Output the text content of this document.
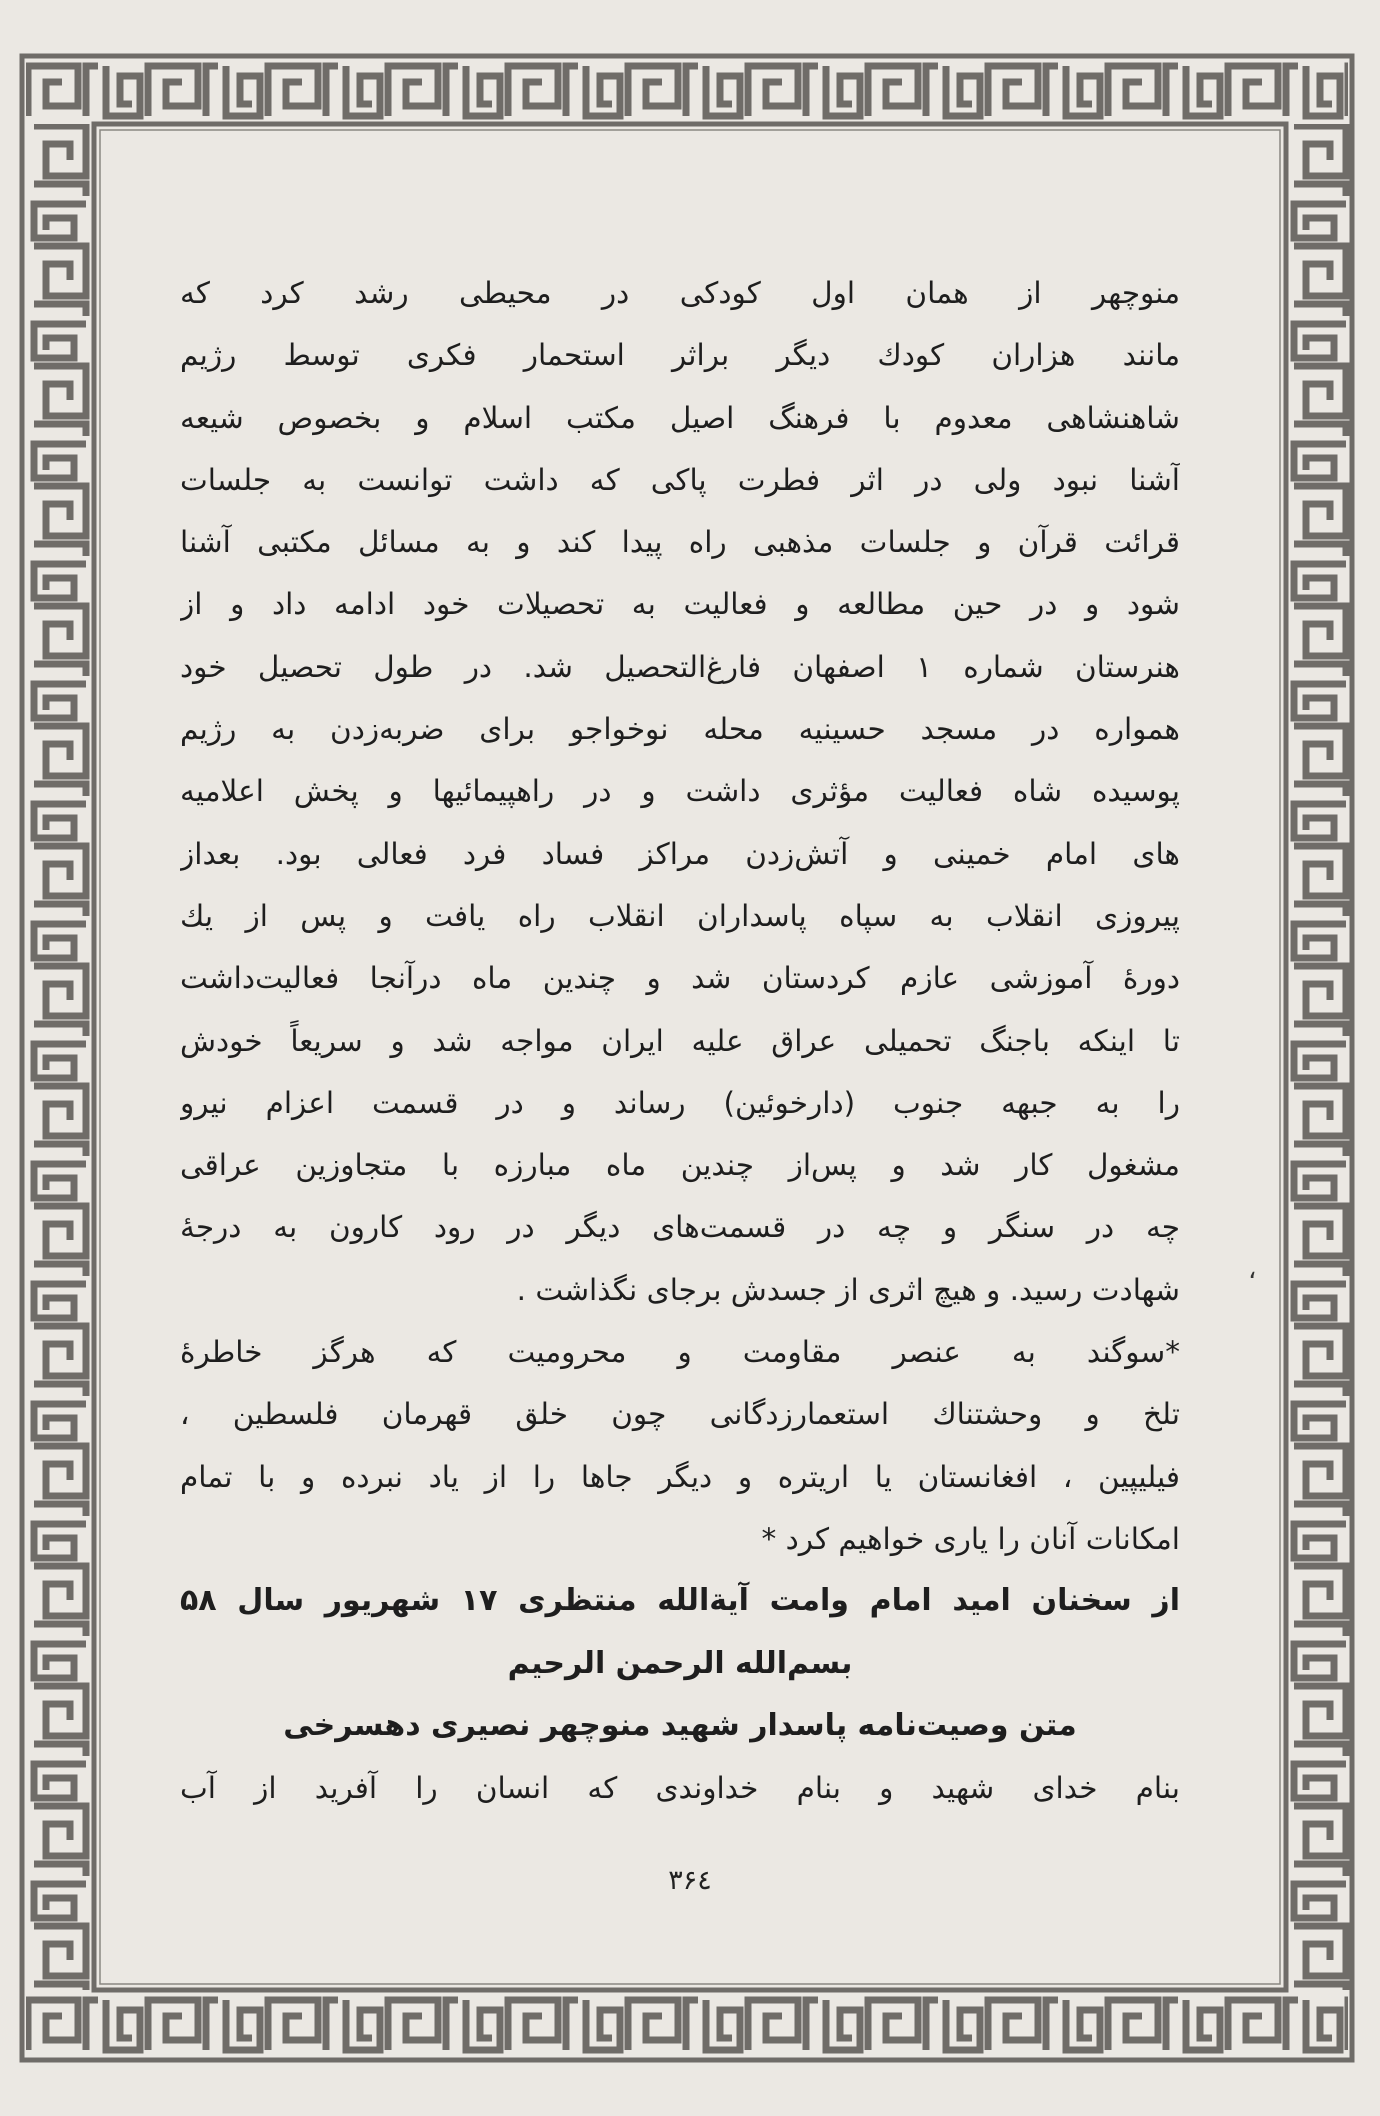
منوچهر از همان اول کودکی در محیطی رشد کرد که
مانند هزاران کودك دیگر براثر استحمار فکری توسط رژیم
شاهنشاهی معدوم با فرهنگ اصیل مکتب اسلام و بخصوص شیعه
آشنا نبود ولی در اثر فطرت پاکی که داشت توانست به جلسات
قرائت قرآن و جلسات مذهبی راه پیدا کند و به مسائل مکتبی آشنا
شود و در حین مطالعه و فعالیت به تحصیلات خود ادامه داد و از
هنرستان شماره ۱ اصفهان فارغ‌التحصیل شد. در طول تحصیل خود
همواره در مسجد حسینیه محله نوخواجو برای ضربه‌زدن به رژیم
پوسیده شاه فعالیت مؤثری داشت و در راهپیمائیها و پخش اعلامیه‌
های امام خمینی و آتش‌زدن مراکز فساد فرد فعالی بود. بعداز
پیروزی انقلاب به سپاه پاسداران انقلاب راه یافت و پس از یك
دورهٔ آموزشی عازم کردستان شد و چندین ماه درآنجا فعالیت‌داشت
تا اینکه باجنگ تحمیلی عراق علیه ایران مواجه شد و سریعاً خودش
را به جبهه جنوب (دارخوئین) رساند و در قسمت اعزام نیرو
مشغول کار شد و پس‌از چندین ماه مبارزه با متجاوزین عراقی
چه در سنگر و چه در قسمت‌های دیگر در رود کارون به درجهٔ
شهادت رسید. و هیچ اثری از جسدش برجای نگذاشت .
*سوگند به عنصر مقاومت و محرومیت که هرگز خاطرهٔ
تلخ و وحشتناك استعمارزدگانی چون خلق قهرمان فلسطین ،
فیلیپین ، افغانستان یا اریتره و دیگر جاها را از یاد نبرده و با تمام
امکانات آنان را یاری خواهیم کرد *
از سخنان امید امام وامت آیةالله منتظری ۱۷ شهریور سال ۵۸
بسم‌الله الرحمن الرحیم
متن وصیت‌نامه پاسدار شهید منوچهر نصیری دهسرخی
بنام خدای شهید و بنام خداوندی که انسان را آفرید از آب
،
۳۶٤
